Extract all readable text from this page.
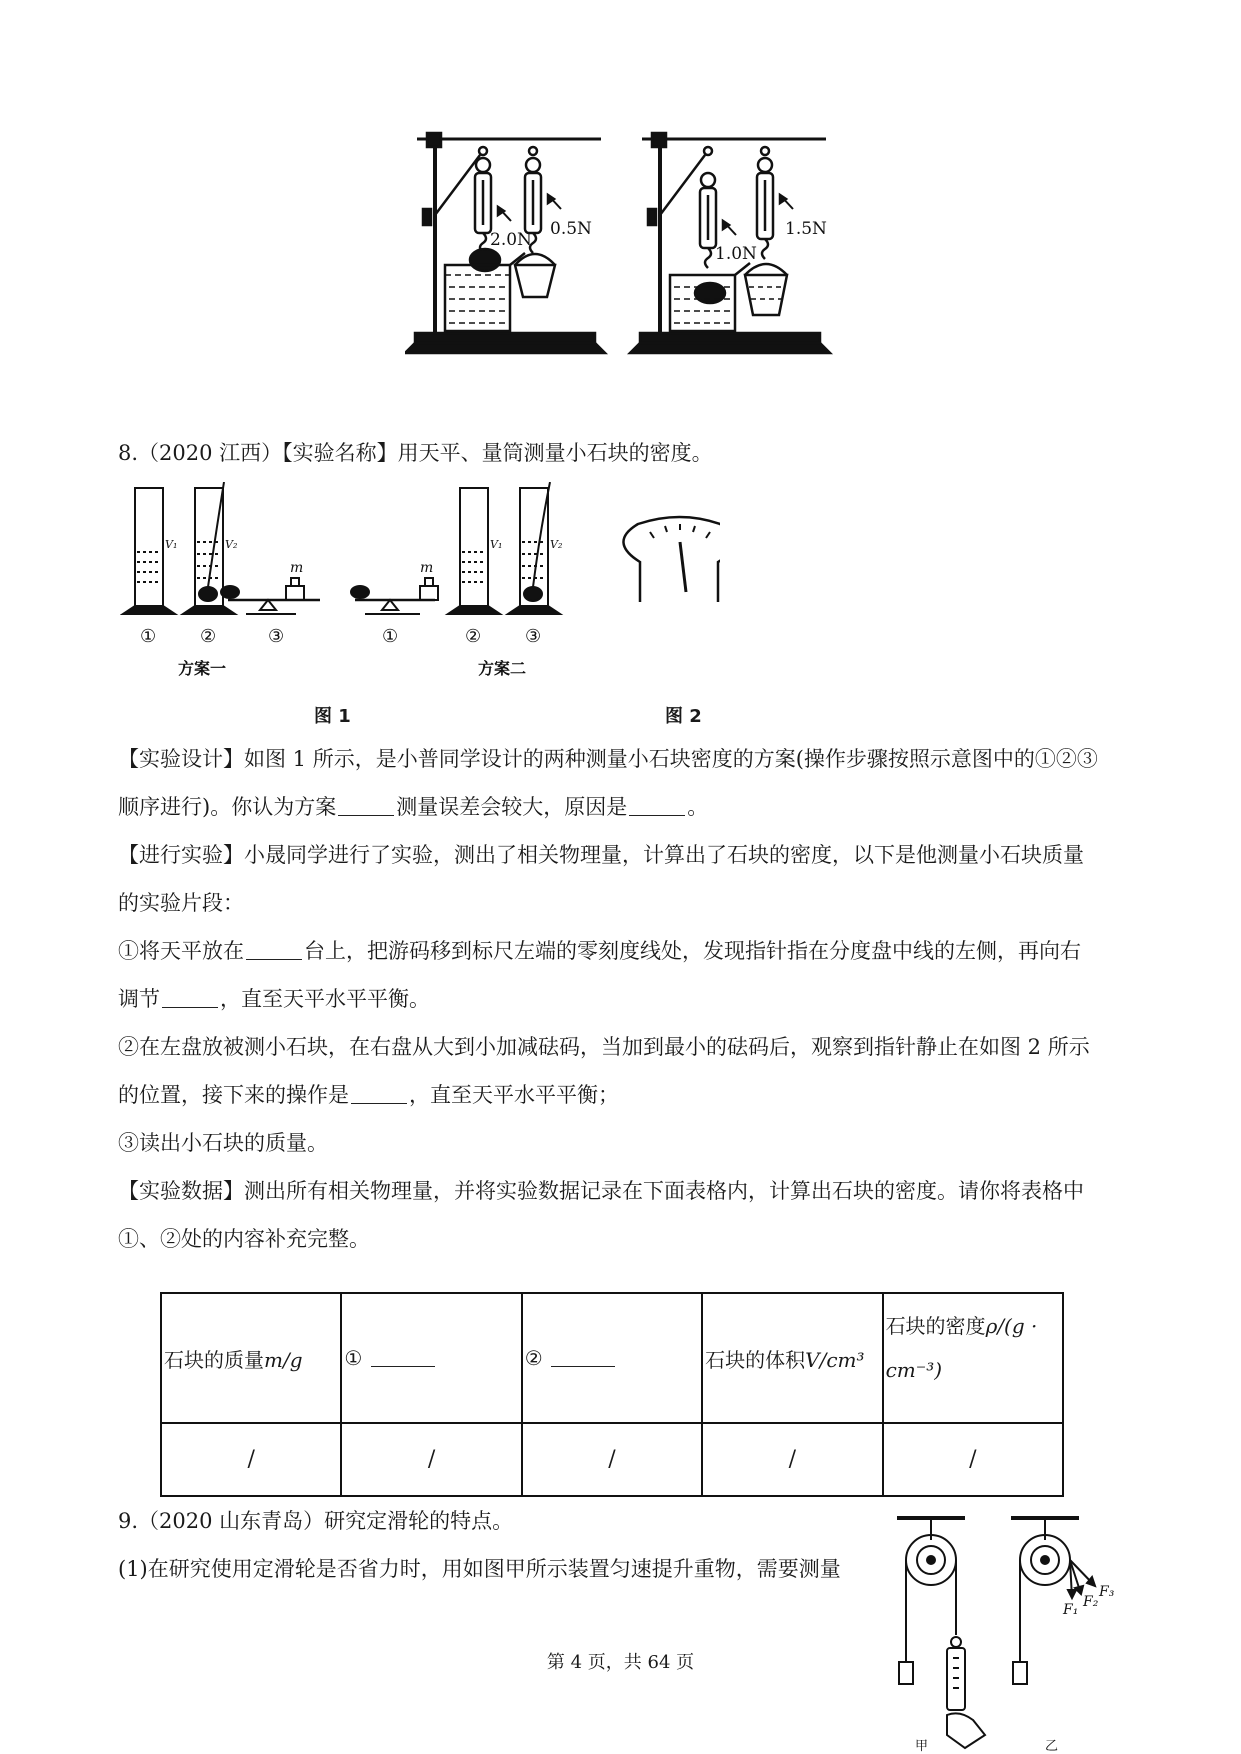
2.0N
0.5N
1.0N
1.5N
8.（2020 江西）【实验名称】用天平、量筒测量小石块的密度。
V₁	V₂
m	m
V₁	V₂
① ②	③	①	② ③
方案一	方案二
图 1	图 2
【实验设计】如图 1 所示，是小普同学设计的两种测量小石块密度的方案(操作步骤按照示意图中的①②③
顺序进行)。你认为方案	测量误差会较大，原因是	。
【进行实验】小晟同学进行了实验，测出了相关物理量，计算出了石块的密度，以下是他测量小石块质量
的实验片段：
①将天平放在	台上，把游码移到标尺左端的零刻度线处，发现指针指在分度盘中线的左侧，再向右
调节	，直至天平水平平衡。
②在左盘放被测小石块，在右盘从大到小加减砝码，当加到最小的砝码后，观察到指针静止在如图 2 所示
的位置，接下来的操作是	，直至天平水平平衡；
③读出小石块的质量。
【实验数据】测出所有相关物理量，并将实验数据记录在下面表格内，计算出石块的密度。请你将表格中
①、②处的内容补充完整。
石块的质量m/g	①	②	石块的体积V/cm³	石块的密度ρ/(g ·
cm⁻³)
/	/	/	/	/
9.（2020 山东青岛）研究定滑轮的特点。
(1)在研究使用定滑轮是否省力时，用如图甲所示装置匀速提升重物，需要测量
F₁ F₂
F₃
甲	乙
第 4 页，共 64 页
